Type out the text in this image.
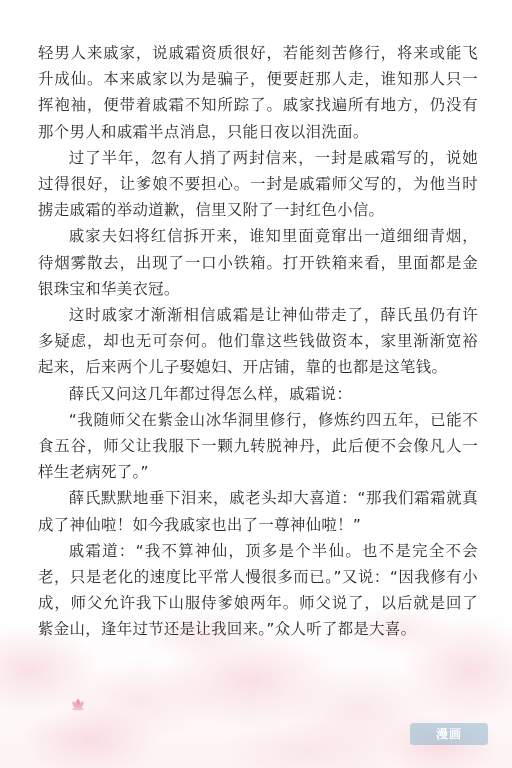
轻男人来戚家，说戚霜资质很好，若能刻苦修行，将来或能飞升成仙。本来戚家以为是骗子，便要赶那人走，谁知那人只一挥袍袖，便带着戚霜不知所踪了。戚家找遍所有地方，仍没有那个男人和戚霜半点消息，只能日夜以泪洗面。

过了半年，忽有人捎了两封信来，一封是戚霜写的，说她过得很好，让爹娘不要担心。一封是戚霜师父写的，为他当时掳走戚霜的举动道歉，信里又附了一封红色小信。

戚家夫妇将红信拆开来，谁知里面竟窜出一道细细青烟，待烟雾散去，出现了一口小铁箱。打开铁箱来看，里面都是金银珠宝和华美衣冠。

这时戚家才渐渐相信戚霜是让神仙带走了，薛氏虽仍有许多疑虑，却也无可奈何。他们靠这些钱做资本，家里渐渐宽裕起来，后来两个儿子娶媳妇、开店铺，靠的也都是这笔钱。

薛氏又问这几年都过得怎么样，戚霜说：

“我随师父在紫金山冰华洞里修行，修炼约四五年，已能不食五谷，师父让我服下一颗九转脱神丹，此后便不会像凡人一样生老病死了。”

薛氏默默地垂下泪来，戚老头却大喜道：“那我们霜霜就真成了神仙啦！如今我戚家也出了一尊神仙啦！”

戚霜道：“我不算神仙，顶多是个半仙。也不是完全不会老，只是老化的速度比平常人慢很多而已。”又说：“因我修有小成，师父允许我下山服侍爹娘两年。师父说了，以后就是回了紫金山，逢年过节还是让我回来。”众人听了都是大喜。

漫画
